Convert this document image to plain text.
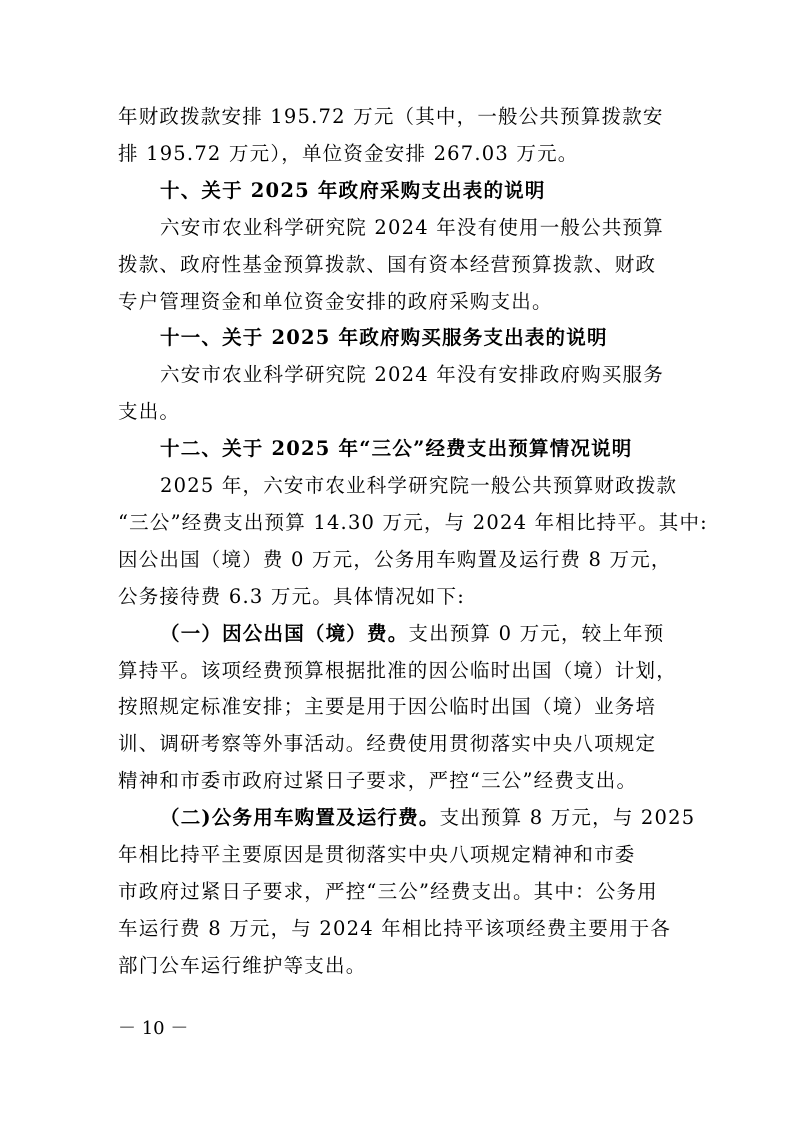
年财政拨款安排 195.72 万元（其中，一般公共预算拨款安
排 195.72 万元），单位资金安排 267.03 万元。
十、关于 2025 年政府采购支出表的说明
六安市农业科学研究院 2024 年没有使用一般公共预算
拨款、政府性基金预算拨款、国有资本经营预算拨款、财政
专户管理资金和单位资金安排的政府采购支出。
十一、关于 2025 年政府购买服务支出表的说明
六安市农业科学研究院 2024 年没有安排政府购买服务
支出。
十二、关于 2025 年“三公”经费支出预算情况说明
2025 年，六安市农业科学研究院一般公共预算财政拨款
“三公”经费支出预算 14.30 万元，与 2024 年相比持平。其中:
因公出国（境）费 0 万元，公务用车购置及运行费 8 万元，
公务接待费 6.3 万元。具体情况如下:
（一）因公出国（境）费。支出预算 0 万元，较上年预
算持平。该项经费预算根据批准的因公临时出国（境）计划，
按照规定标准安排；主要是用于因公临时出国（境）业务培
训、调研考察等外事活动。经费使用贯彻落实中央八项规定
精神和市委市政府过紧日子要求，严控“三公”经费支出。
（二)公务用车购置及运行费。支出预算 8 万元，与 2025
年相比持平主要原因是贯彻落实中央八项规定精神和市委
市政府过紧日子要求，严控“三公”经费支出。其中：公务用
车运行费 8 万元，与 2024 年相比持平该项经费主要用于各
部门公车运行维护等支出。
－ 10 －
